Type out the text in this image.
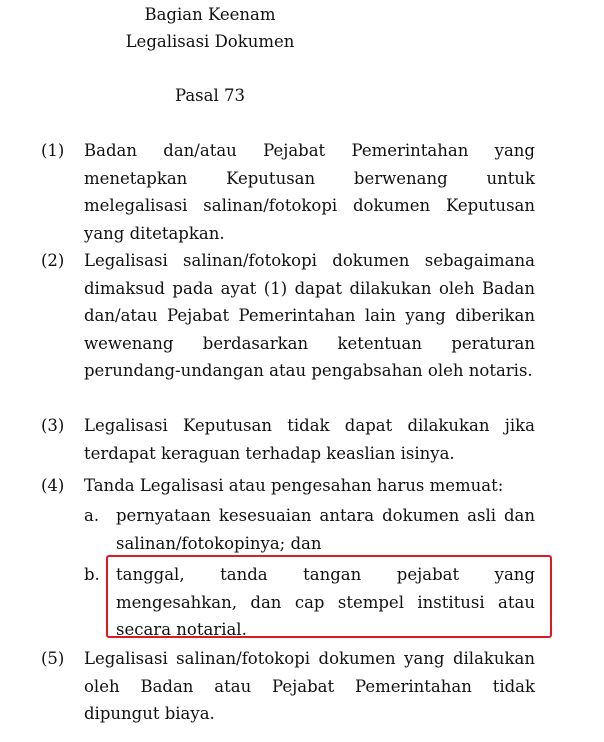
Bagian Keenam
Legalisasi Dokumen
Pasal 73
(1) Badan dan/atau Pejabat Pemerintahan yang menetapkan Keputusan berwenang untuk melegalisasi salinan/fotokopi dokumen Keputusan yang ditetapkan.

(2) Legalisasi salinan/fotokopi dokumen sebagaimana dimaksud pada ayat (1) dapat dilakukan oleh Badan dan/atau Pejabat Pemerintahan lain yang diberikan wewenang berdasarkan ketentuan peraturan perundang-undangan atau pengabsahan oleh notaris.

(3) Legalisasi Keputusan tidak dapat dilakukan jika terdapat keraguan terhadap keaslian isinya.

(4) Tanda Legalisasi atau pengesahan harus memuat:

a. pernyataan kesesuaian antara dokumen asli dan salinan/fotokopinya; dan

b. tanggal, tanda tangan pejabat yang mengesahkan, dan cap stempel institusi atau secara notarial.

(5) Legalisasi salinan/fotokopi dokumen yang dilakukan oleh Badan atau Pejabat Pemerintahan tidak dipungut biaya.
